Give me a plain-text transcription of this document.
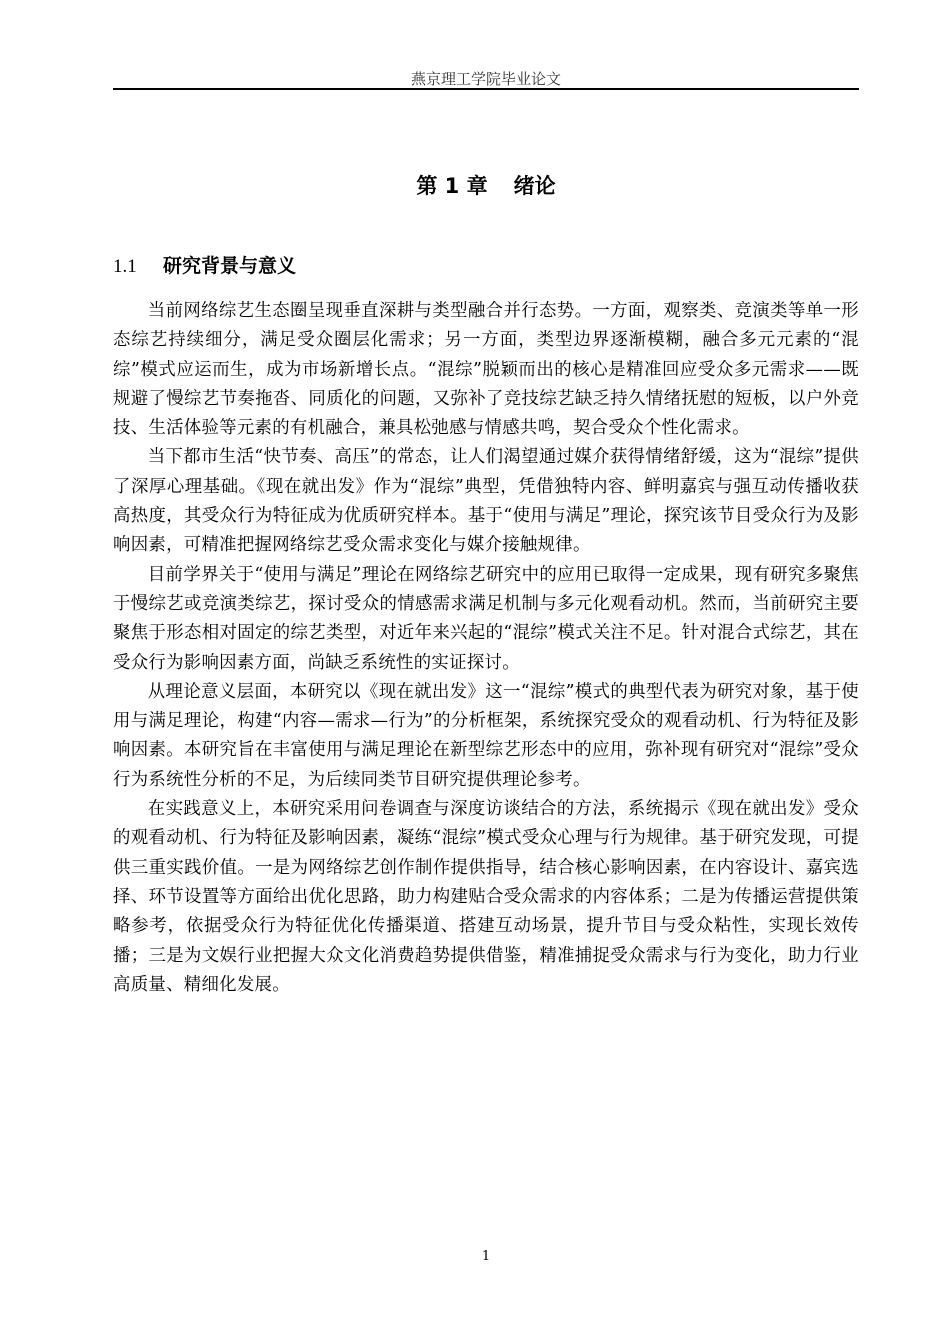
燕京理工学院毕业论文
第 1 章 绪论
1.1 研究背景与意义

当前网络综艺生态圈呈现垂直深耕与类型融合并行态势。一方面，观察类、竞演类等单一形态综艺持续细分，满足受众圈层化需求；另一方面，类型边界逐渐模糊，融合多元元素的“混综”模式应运而生，成为市场新增长点。“混综”脱颖而出的核心是精准回应受众多元需求——既规避了慢综艺节奏拖沓、同质化的问题，又弥补了竞技综艺缺乏持久情绪抚慰的短板，以户外竞技、生活体验等元素的有机融合，兼具松弛感与情感共鸣，契合受众个性化需求。

当下都市生活“快节奏、高压”的常态，让人们渴望通过媒介获得情绪舒缓，这为“混综”提供了深厚心理基础。《现在就出发》作为“混综”典型，凭借独特内容、鲜明嘉宾与强互动传播收获高热度，其受众行为特征成为优质研究样本。基于“使用与满足”理论，探究该节目受众行为及影响因素，可精准把握网络综艺受众需求变化与媒介接触规律。

目前学界关于“使用与满足”理论在网络综艺研究中的应用已取得一定成果，现有研究多聚焦于慢综艺或竞演类综艺，探讨受众的情感需求满足机制与多元化观看动机。然而，当前研究主要聚焦于形态相对固定的综艺类型，对近年来兴起的“混综”模式关注不足。针对混合式综艺，其在受众行为影响因素方面，尚缺乏系统性的实证探讨。

从理论意义层面，本研究以《现在就出发》这一“混综”模式的典型代表为研究对象，基于使用与满足理论，构建“内容—需求—行为”的分析框架，系统探究受众的观看动机、行为特征及影响因素。本研究旨在丰富使用与满足理论在新型综艺形态中的应用，弥补现有研究对“混综”受众行为系统性分析的不足，为后续同类节目研究提供理论参考。

在实践意义上，本研究采用问卷调查与深度访谈结合的方法，系统揭示《现在就出发》受众的观看动机、行为特征及影响因素，凝练“混综”模式受众心理与行为规律。基于研究发现，可提供三重实践价值。一是为网络综艺创作制作提供指导，结合核心影响因素，在内容设计、嘉宾选择、环节设置等方面给出优化思路，助力构建贴合受众需求的内容体系；二是为传播运营提供策略参考，依据受众行为特征优化传播渠道、搭建互动场景，提升节目与受众粘性，实现长效传播；三是为文娱行业把握大众文化消费趋势提供借鉴，精准捕捉受众需求与行为变化，助力行业高质量、精细化发展。

1
